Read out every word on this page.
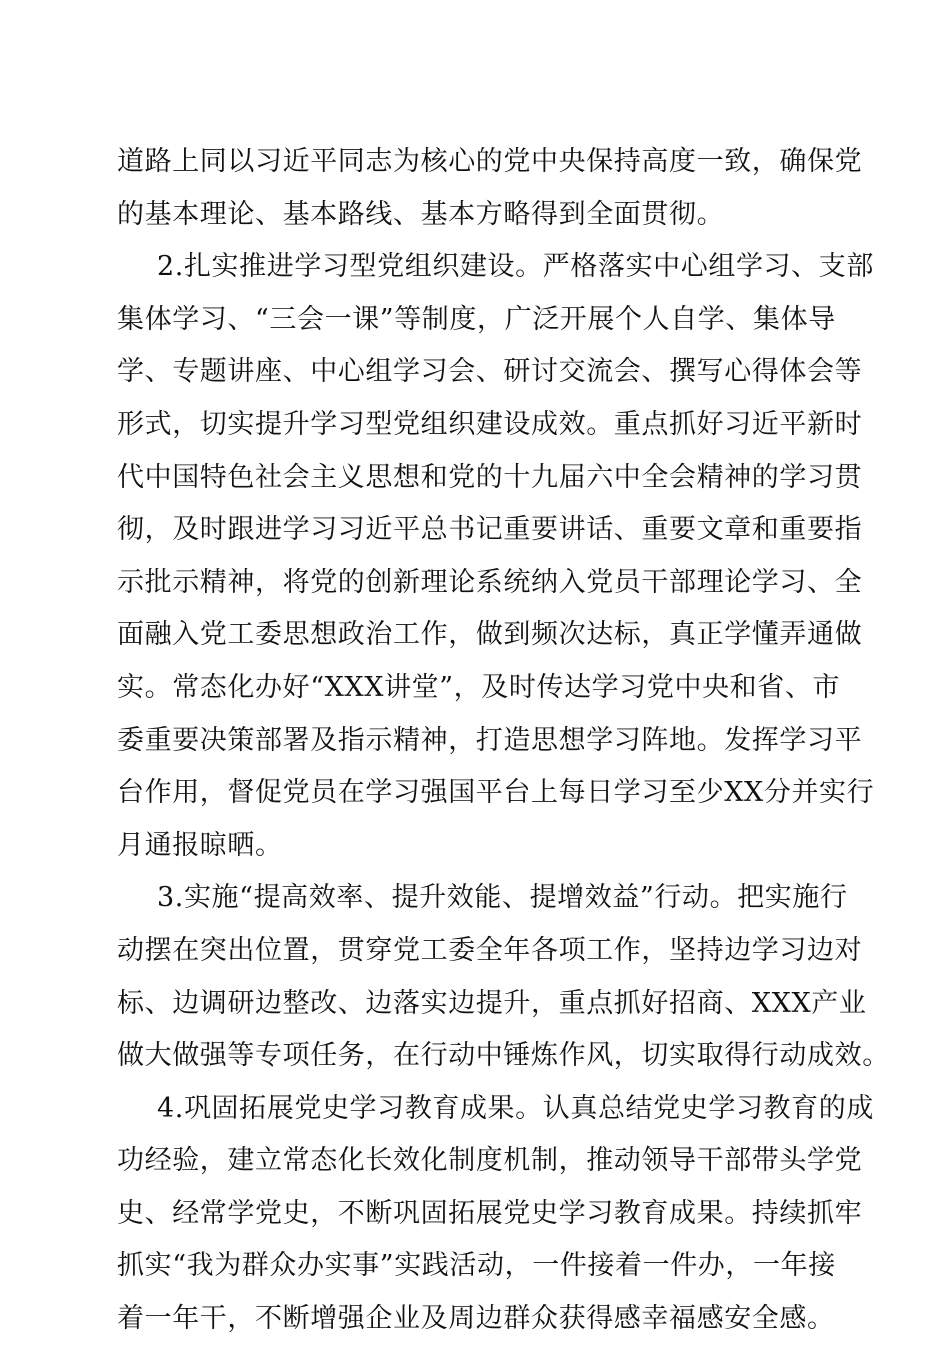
道路上同以习近平同志为核心的党中央保持高度一致，确保党
的基本理论、基本路线、基本方略得到全面贯彻。
2.扎实推进学习型党组织建设。严格落实中心组学习、支部
集体学习、“三会一课”等制度，广泛开展个人自学、集体导
学、专题讲座、中心组学习会、研讨交流会、撰写心得体会等
形式，切实提升学习型党组织建设成效。重点抓好习近平新时
代中国特色社会主义思想和党的十九届六中全会精神的学习贯
彻，及时跟进学习习近平总书记重要讲话、重要文章和重要指
示批示精神，将党的创新理论系统纳入党员干部理论学习、全
面融入党工委思想政治工作，做到频次达标，真正学懂弄通做
实。常态化办好“XXX讲堂”，及时传达学习党中央和省、市
委重要决策部署及指示精神，打造思想学习阵地。发挥学习平
台作用，督促党员在学习强国平台上每日学习至少XX分并实行
月通报晾晒。
3.实施“提高效率、提升效能、提增效益”行动。把实施行
动摆在突出位置，贯穿党工委全年各项工作，坚持边学习边对
标、边调研边整改、边落实边提升，重点抓好招商、XXX产业
做大做强等专项任务，在行动中锤炼作风，切实取得行动成效。
4.巩固拓展党史学习教育成果。认真总结党史学习教育的成
功经验，建立常态化长效化制度机制，推动领导干部带头学党
史、经常学党史，不断巩固拓展党史学习教育成果。持续抓牢
抓实“我为群众办实事”实践活动，一件接着一件办，一年接
着一年干，不断增强企业及周边群众获得感幸福感安全感。
